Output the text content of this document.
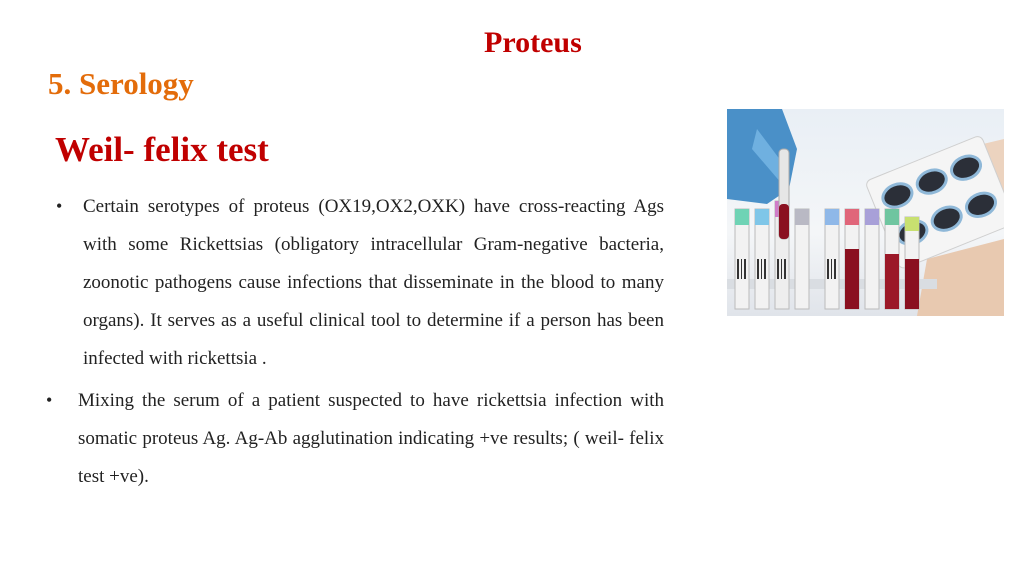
Proteus
5. Serology
Weil- felix test
• Certain serotypes of proteus (OX19,OX2,OXK) have cross-reacting Ags with some Rickettsias (obligatory intracellular Gram-negative bacteria, zoonotic pathogens cause infections that disseminate in the blood to many organs). It serves as a useful clinical tool to determine if a person has been infected with rickettsia .
• Mixing the serum of a patient suspected to have rickettsia infection with somatic proteus Ag. Ag-Ab agglutination indicating +ve results; ( weil- felix test +ve).
